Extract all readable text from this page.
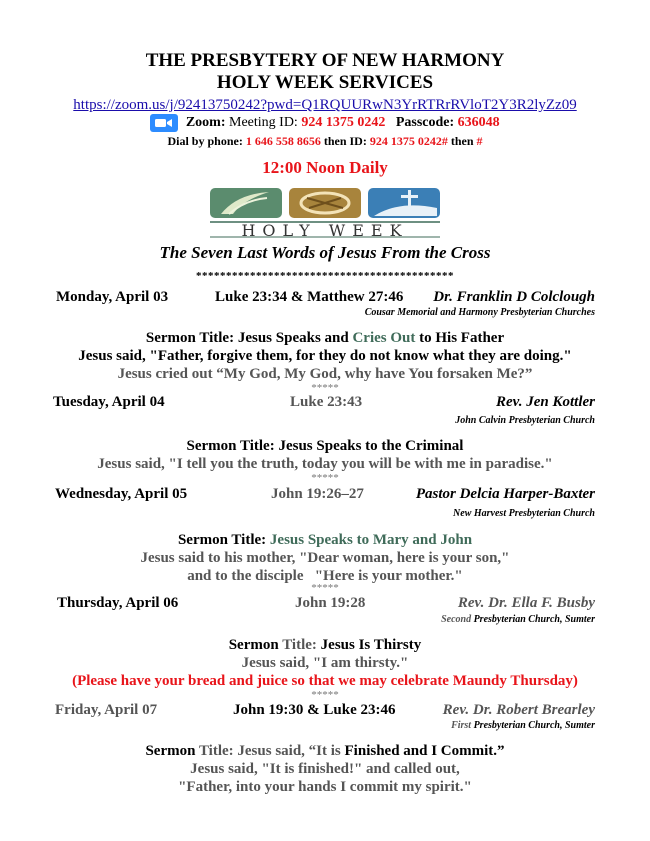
THE PRESBYTERY OF NEW HARMONY
HOLY WEEK SERVICES
https://zoom.us/j/92413750242?pwd=Q1RQUURwN3YrRTRrRVloT2Y3R2lyZz09
Zoom: Meeting ID: 924 1375 0242 Passcode: 636048
Dial by phone: 1 646 558 8656 then ID: 924 1375 0242# then #
12:00 Noon Daily
HOLY WEEK
The Seven Last Words of Jesus From the Cross
*******************************************
Monday, April 03	Luke 23:34 & Matthew 27:46 Dr. Franklin D Colclough
Cousar Memorial and Harmony Presbyterian Churches
Sermon Title: Jesus Speaks and Cries Out to His Father
Jesus said, "Father, forgive them, for they do not know what they are doing."
Jesus cried out “My God, My God, why have You forsaken Me?”
*****
Tuesday, April 04	Luke 23:43	Rev. Jen Kottler
John Calvin Presbyterian Church
Sermon Title: Jesus Speaks to the Criminal
Jesus said, "I tell you the truth, today you will be with me in paradise."
*****
Wednesday, April 05	John 19:26–27	Pastor Delcia Harper-Baxter
New Harvest Presbyterian Church
Sermon Title: Jesus Speaks to Mary and John
Jesus said to his mother, "Dear woman, here is your son,"
and to the disciple   "Here is your mother."
*****
Thursday, April 06	John 19:28	Rev. Dr. Ella F. Busby
Second Presbyterian Church, Sumter
Sermon Title: Jesus Is Thirsty
Jesus said, "I am thirsty."
(Please have your bread and juice so that we may celebrate Maundy Thursday)
*****
Friday, April 07	John 19:30 & Luke 23:46	Rev. Dr. Robert Brearley
First Presbyterian Church, Sumter
Sermon Title: Jesus said, “It is Finished and I Commit.”
Jesus said, "It is finished!" and called out,
"Father, into your hands I commit my spirit."
